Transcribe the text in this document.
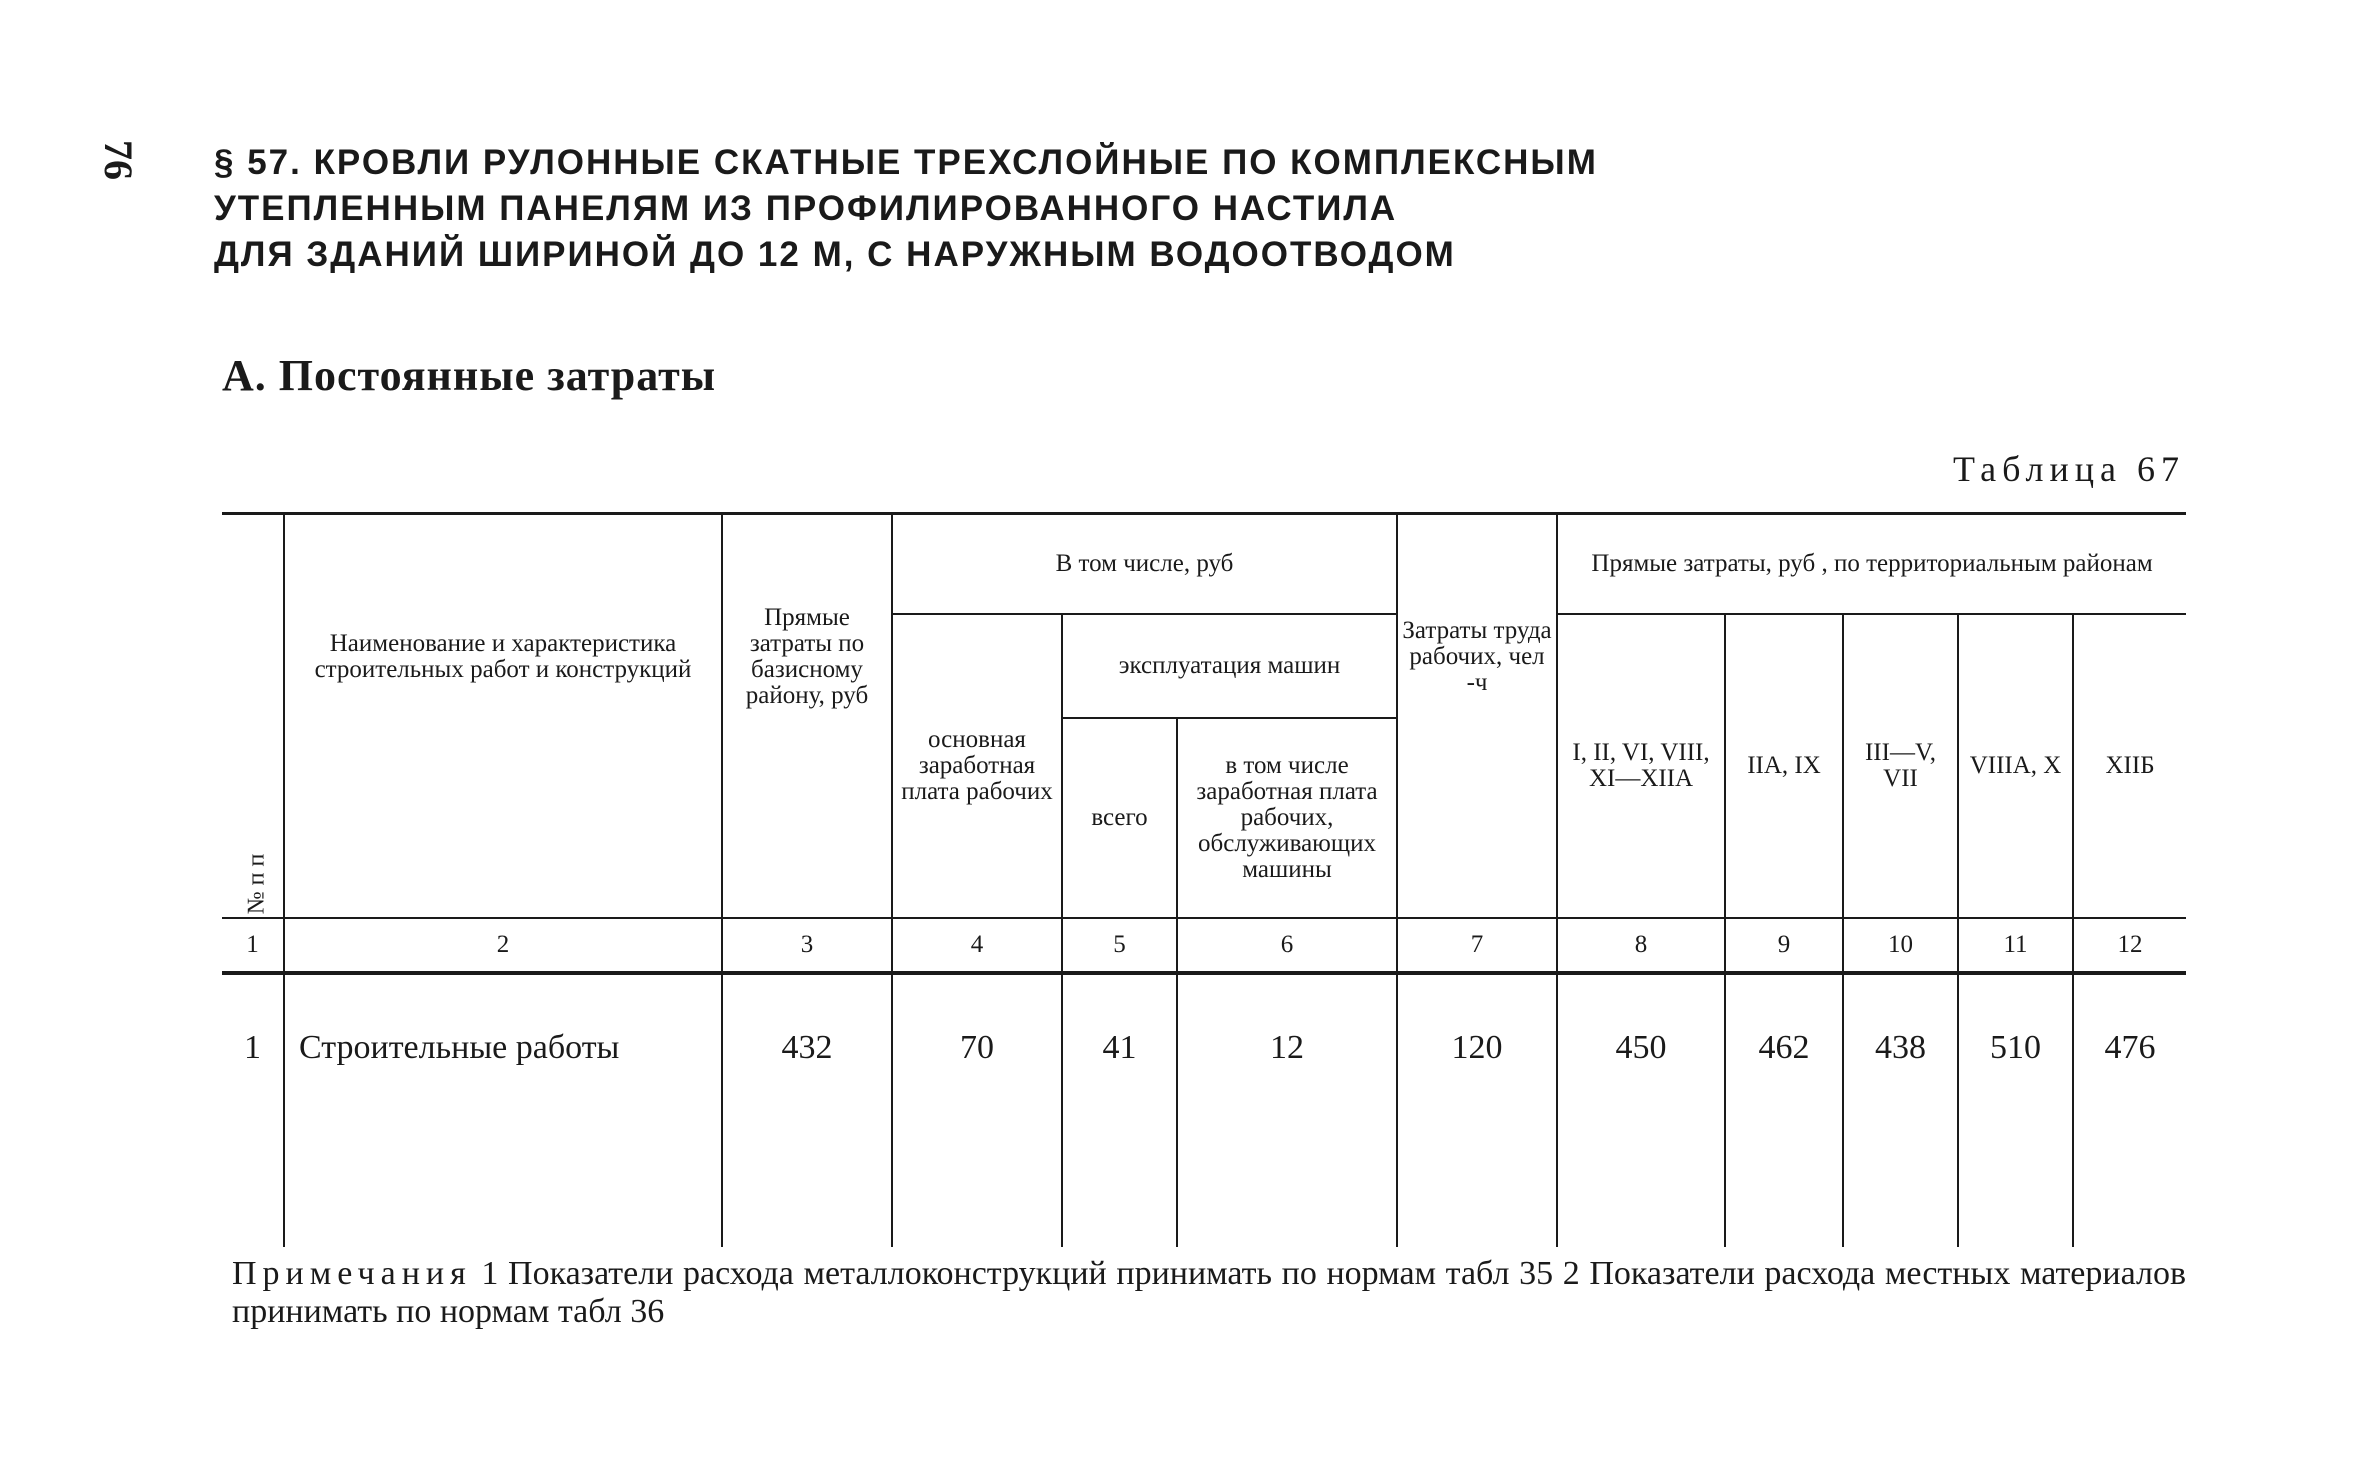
76 § 57. КРОВЛИ РУЛОННЫЕ СКАТНЫЕ ТРЕХСЛОЙНЫЕ ПО КОМПЛЕКСНЫМ
УТЕПЛЕННЫМ ПАНЕЛЯМ ИЗ ПРОФИЛИРОВАННОГО НАСТИЛА
ДЛЯ ЗДАНИЙ ШИРИНОЙ ДО 12 М, С НАРУЖНЫМ ВОДООТВОДОМ
А. Постоянные затраты
Таблица 67
№ п п	Наименование и характеристика строительных работ и конструкций	Прямые затраты по базисному району, руб	В том числе, руб			Затраты труда рабочих, чел -ч	Прямые затраты, руб , по территориальным районам				
			основная заработная плата рабочих	эксплуатация машин			I, II, VI, VIII, XI—XIIA	IIA, IX	III—V, VII	VIIIA, X	XIIБ
				всего	в том числе заработная плата рабочих, обслуживающих машины						

1	2	3	4	5	6	7	8	9	10	11	12
1	Строительные работы	432	70	41	12	120	450	462	438	510	476
Примечания 1 Показатели расхода металлоконструкций принимать по нормам табл 35 2 Показатели расхода местных материалов принимать по нормам табл 36
